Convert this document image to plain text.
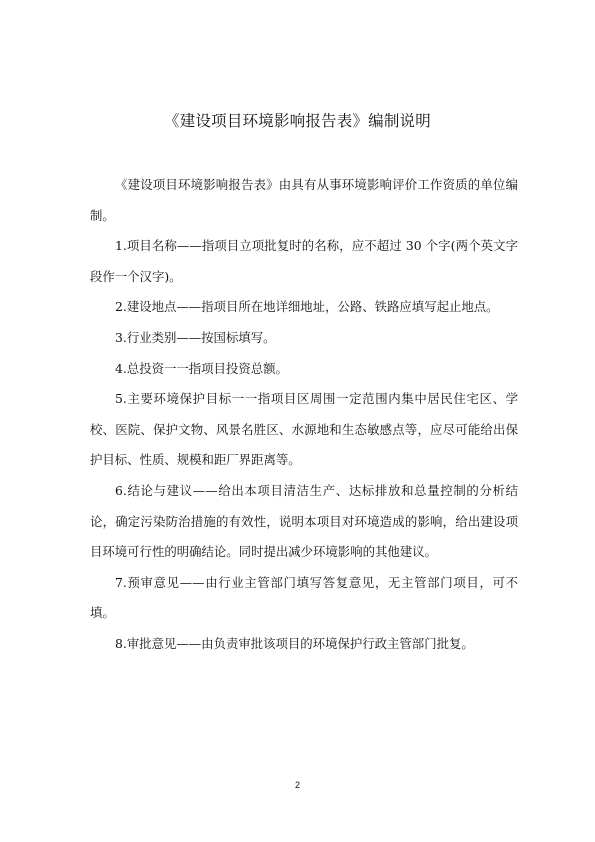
《建设项目环境影响报告表》编制说明

《建设项目环境影响报告表》由具有从事环境影响评价工作资质的单位编制。

1.项目名称——指项目立项批复时的名称，应不超过 30 个字(两个英文字段作一个汉字)。

2.建设地点——指项目所在地详细地址，公路、铁路应填写起止地点。

3.行业类别——按国标填写。

4.总投资一一指项目投资总额。

5.主要环境保护目标一一指项目区周围一定范围内集中居民住宅区、学校、医院、保护文物、风景名胜区、水源地和生态敏感点等，应尽可能给出保护目标、性质、规模和距厂界距离等。

6.结论与建议——给出本项目清洁生产、达标排放和总量控制的分析结论，确定污染防治措施的有效性，说明本项目对环境造成的影响，给出建设项目环境可行性的明确结论。同时提出减少环境影响的其他建议。

7.预审意见——由行业主管部门填写答复意见，无主管部门项目，可不填。

8.审批意见——由负责审批该项目的环境保护行政主管部门批复。

2
